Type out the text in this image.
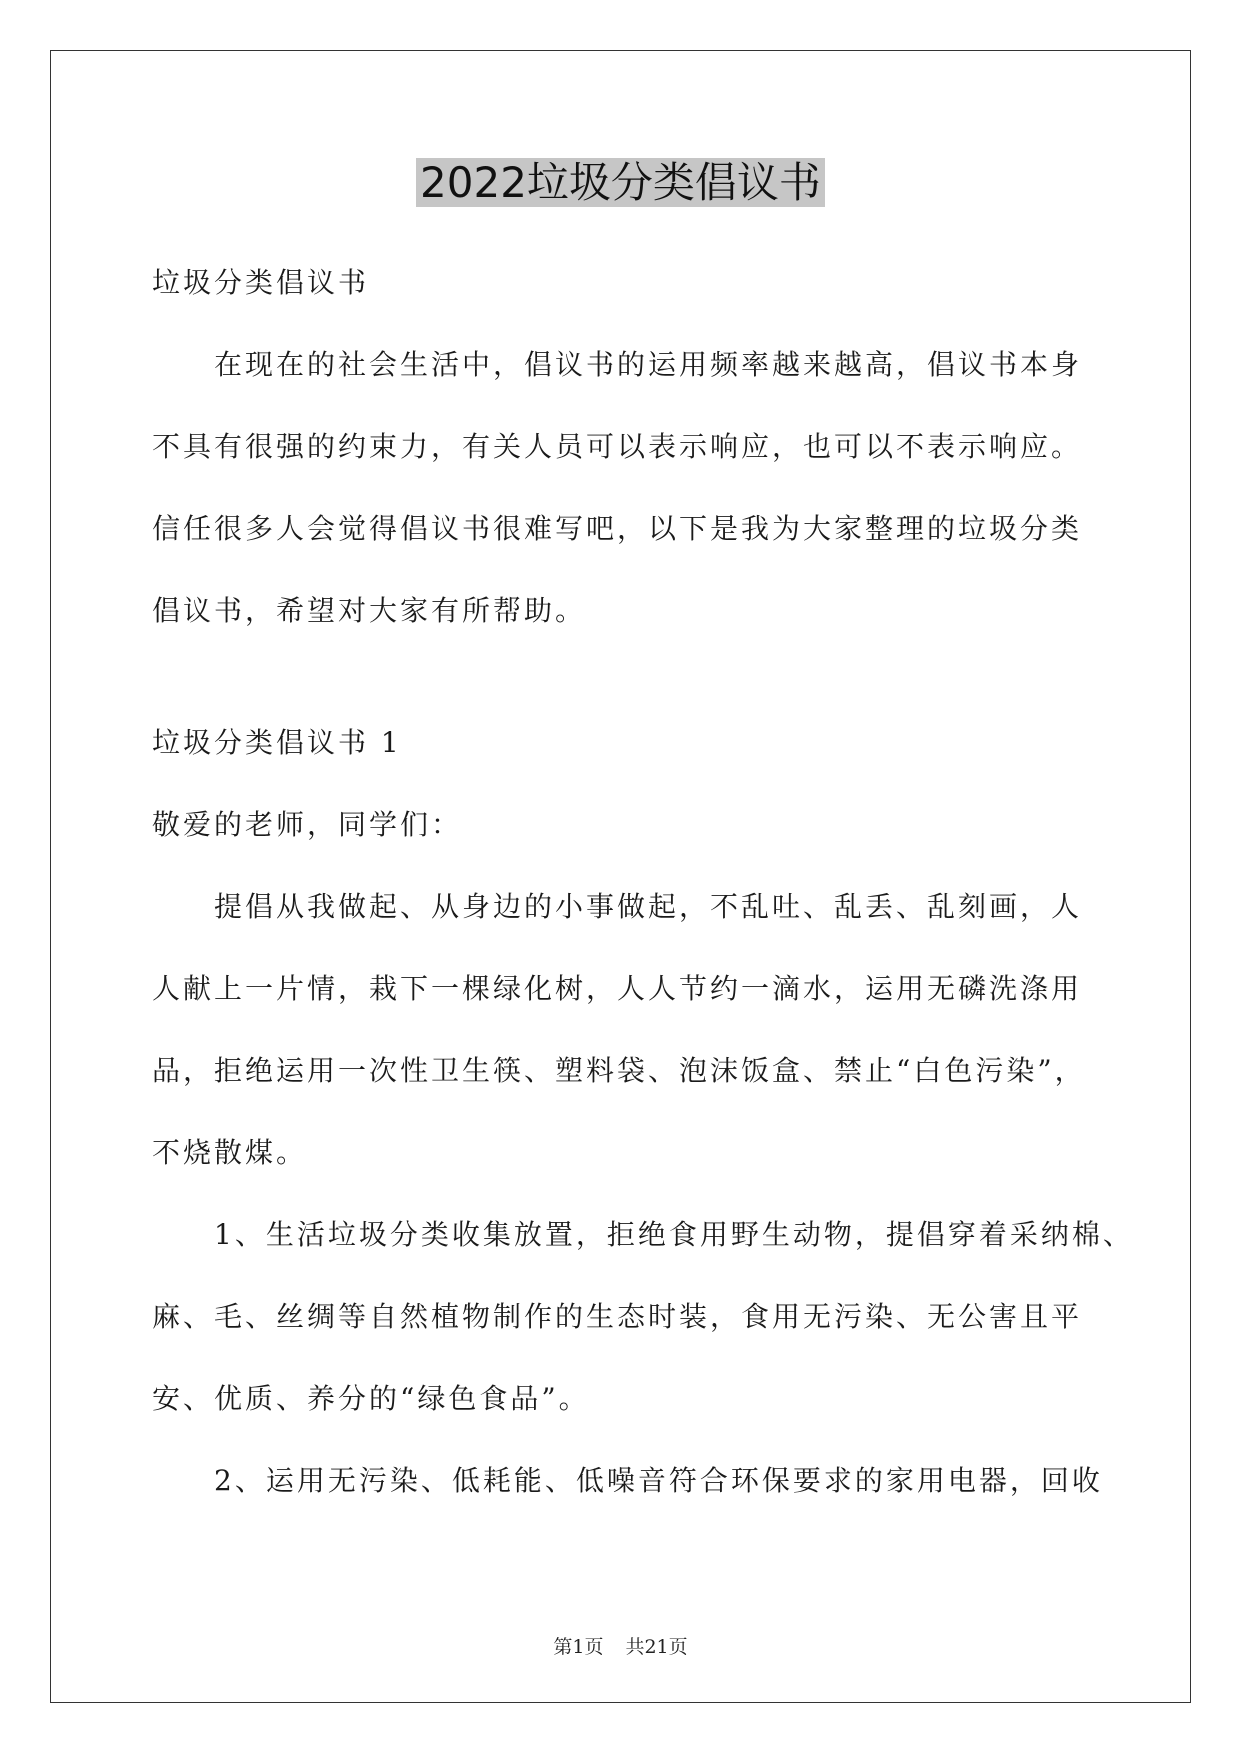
2022垃圾分类倡议书

垃圾分类倡议书

在现在的社会生活中，倡议书的运用频率越来越高，倡议书本身

不具有很强的约束力，有关人员可以表示响应，也可以不表示响应。

信任很多人会觉得倡议书很难写吧，以下是我为大家整理的垃圾分类

倡议书，希望对大家有所帮助。

垃圾分类倡议书 1

敬爱的老师，同学们：

提倡从我做起、从身边的小事做起，不乱吐、乱丢、乱刻画，人

人献上一片情，栽下一棵绿化树，人人节约一滴水，运用无磷洗涤用

品，拒绝运用一次性卫生筷、塑料袋、泡沫饭盒、禁止“白色污染”，

不烧散煤。

1、生活垃圾分类收集放置，拒绝食用野生动物，提倡穿着采纳棉、

麻、毛、丝绸等自然植物制作的生态时装，食用无污染、无公害且平

安、优质、养分的“绿色食品”。

2、运用无污染、低耗能、低噪音符合环保要求的家用电器，回收

第1页 共21页
